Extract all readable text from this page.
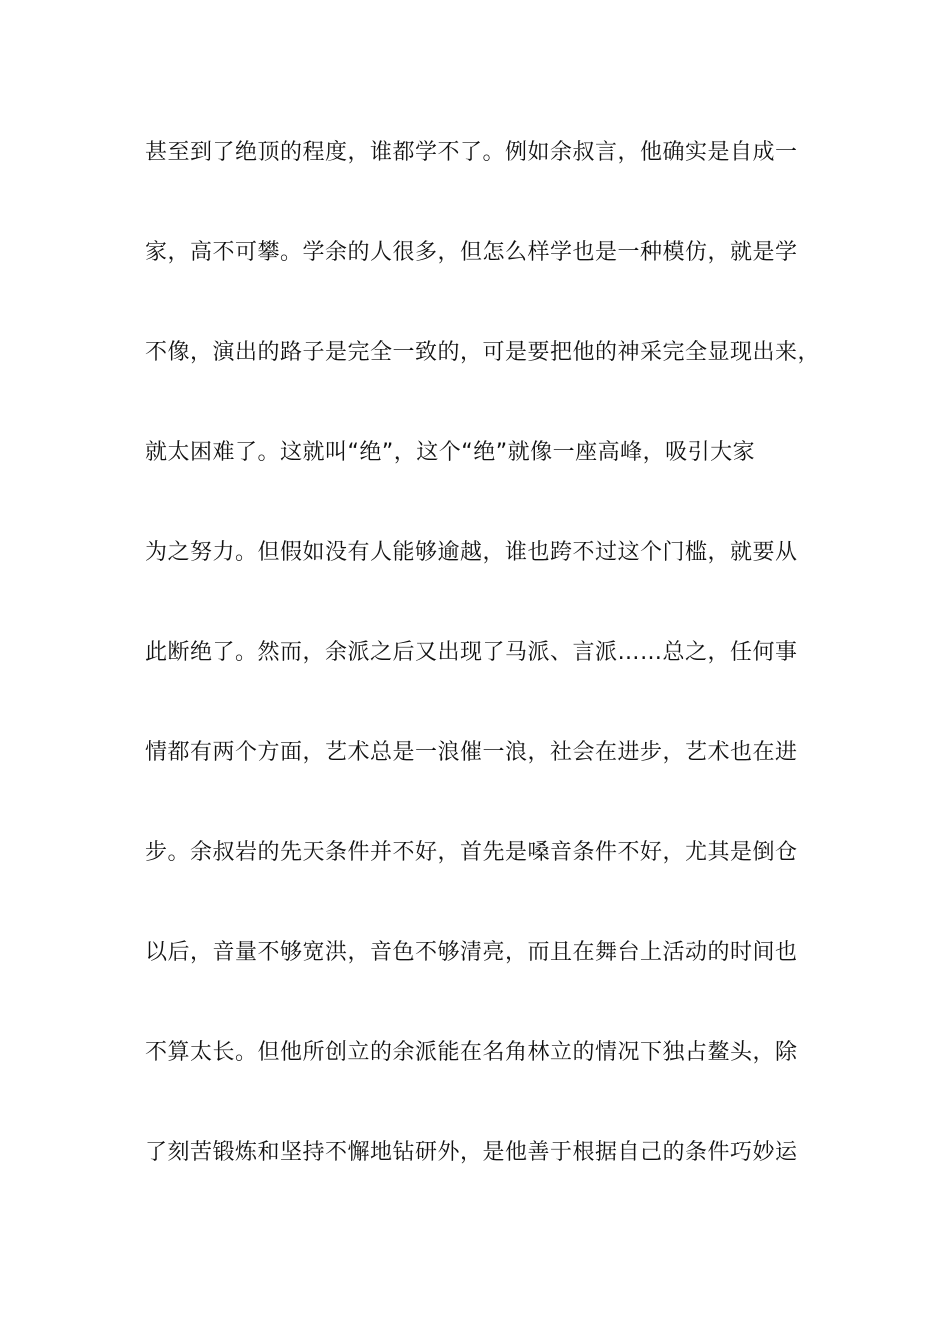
甚至到了绝顶的程度，谁都学不了。例如余叔言，他确实是自成一
家，高不可攀。学余的人很多，但怎么样学也是一种模仿，就是学
不像，演出的路子是完全一致的，可是要把他的神采完全显现出来，
就太困难了。这就叫“绝”，这个“绝”就像一座高峰，吸引大家
为之努力。但假如没有人能够逾越，谁也跨不过这个门槛，就要从
此断绝了。然而，余派之后又出现了马派、言派……总之，任何事
情都有两个方面，艺术总是一浪催一浪，社会在进步，艺术也在进
步。余叔岩的先天条件并不好，首先是嗓音条件不好，尤其是倒仓
以后，音量不够宽洪，音色不够清亮，而且在舞台上活动的时间也
不算太长。但他所创立的余派能在名角林立的情况下独占鳌头，除
了刻苦锻炼和坚持不懈地钻研外，是他善于根据自己的条件巧妙运
